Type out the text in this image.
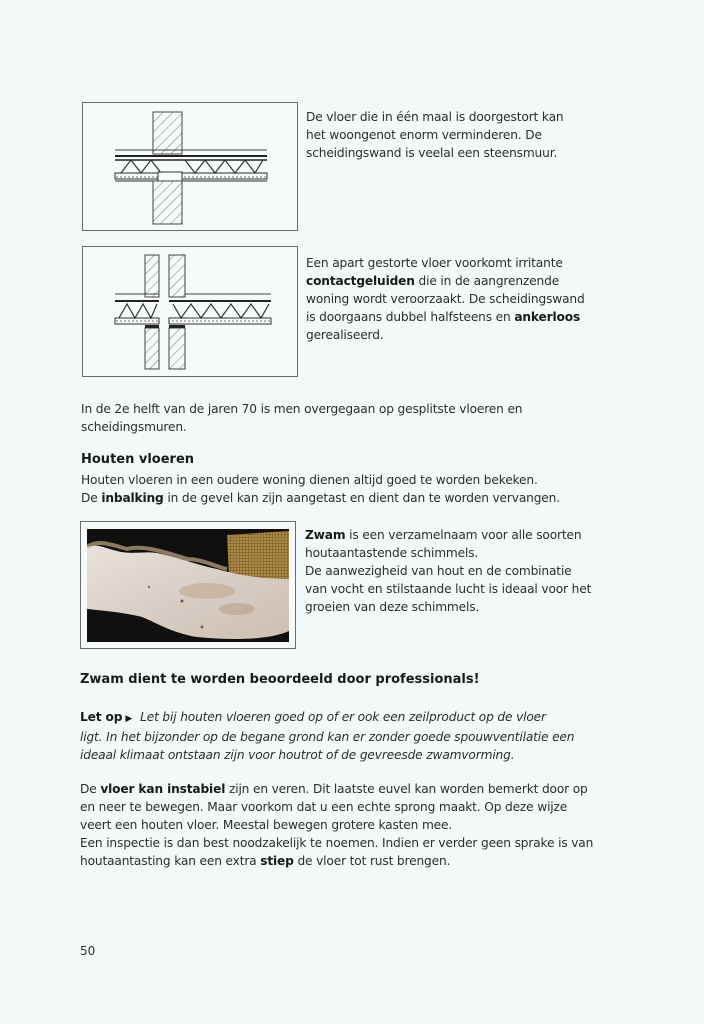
De vloer die in één maal is doorgestort kan
het woongenot enorm verminderen. De
scheidingswand is veelal een steensmuur.
Een apart gestorte vloer voorkomt irritante
contactgeluiden die in de aangrenzende
woning wordt veroorzaakt. De scheidingswand
is doorgaans dubbel halfsteens en ankerloos
gerealiseerd.
In de 2e helft van de jaren 70 is men overgegaan op gesplitste vloeren en
scheidingsmuren.
Houten vloeren
Houten vloeren in een oudere woning dienen altijd goed te worden bekeken.
De inbalking in de gevel kan zijn aangetast en dient dan te worden vervangen.
Zwam is een verzamelnaam voor alle soorten
houtaantastende schimmels.
De aanwezigheid van hout en de combinatie
van vocht en stilstaande lucht is ideaal voor het
groeien van deze schimmels.
Zwam dient te worden beoordeeld door professionals!
Let op ▶ Let bij houten vloeren goed op of er ook een zeilproduct op de vloer
ligt. In het bijzonder op de begane grond kan er zonder goede spouwventilatie een
ideaal klimaat ontstaan zijn voor houtrot of de gevreesde zwamvorming.
De vloer kan instabiel zijn en veren. Dit laatste euvel kan worden bemerkt door op
en neer te bewegen. Maar voorkom dat u een echte sprong maakt. Op deze wijze
veert een houten vloer. Meestal bewegen grotere kasten mee.
Een inspectie is dan best noodzakelijk te noemen. Indien er verder geen sprake is van
houtaantasting kan een extra stiep de vloer tot rust brengen.
50
